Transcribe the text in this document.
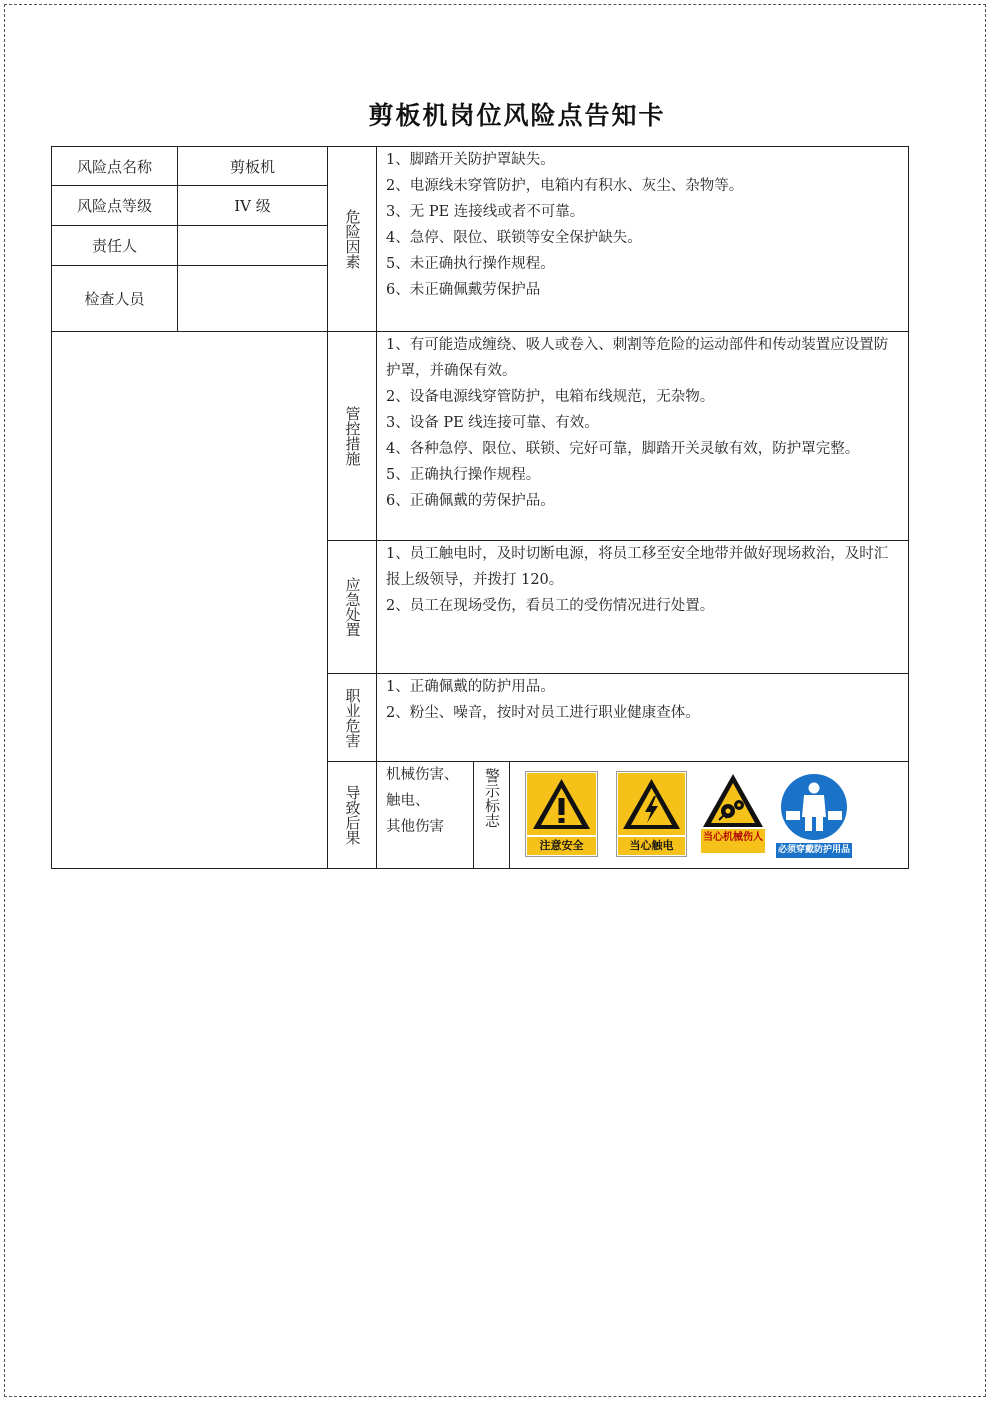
剪板机岗位风险点告知卡
风险点名称	剪板机
风险点等级	IV 级
责任人
检查人员
危险因素
1、脚踏开关防护罩缺失。
2、电源线未穿管防护，电箱内有积水、灰尘、杂物等。
3、无 PE 连接线或者不可靠。
4、急停、限位、联锁等安全保护缺失。
5、未正确执行操作规程。
6、未正确佩戴劳保护品
管控措施
1、有可能造成缠绕、吸人或卷入、刺割等危险的运动部件和传动装置应设置防护罩，并确保有效。
2、设备电源线穿管防护，电箱布线规范，无杂物。
3、设备 PE 线连接可靠、有效。
4、各种急停、限位、联锁、完好可靠，脚踏开关灵敏有效，防护罩完整。
5、正确执行操作规程。
6、正确佩戴的劳保护品。
应急处置
1、员工触电时，及时切断电源，将员工移至安全地带并做好现场救治，及时汇报上级领导，并拨打 120。
2、员工在现场受伤，看员工的受伤情况进行处置。
职业危害
1、正确佩戴的防护用品。
2、粉尘、噪音，按时对员工进行职业健康查体。
导致后果
机械伤害、
触电、
其他伤害	警示标志
注意安全	当心触电
当心机械伤人
必须穿戴防护用品
